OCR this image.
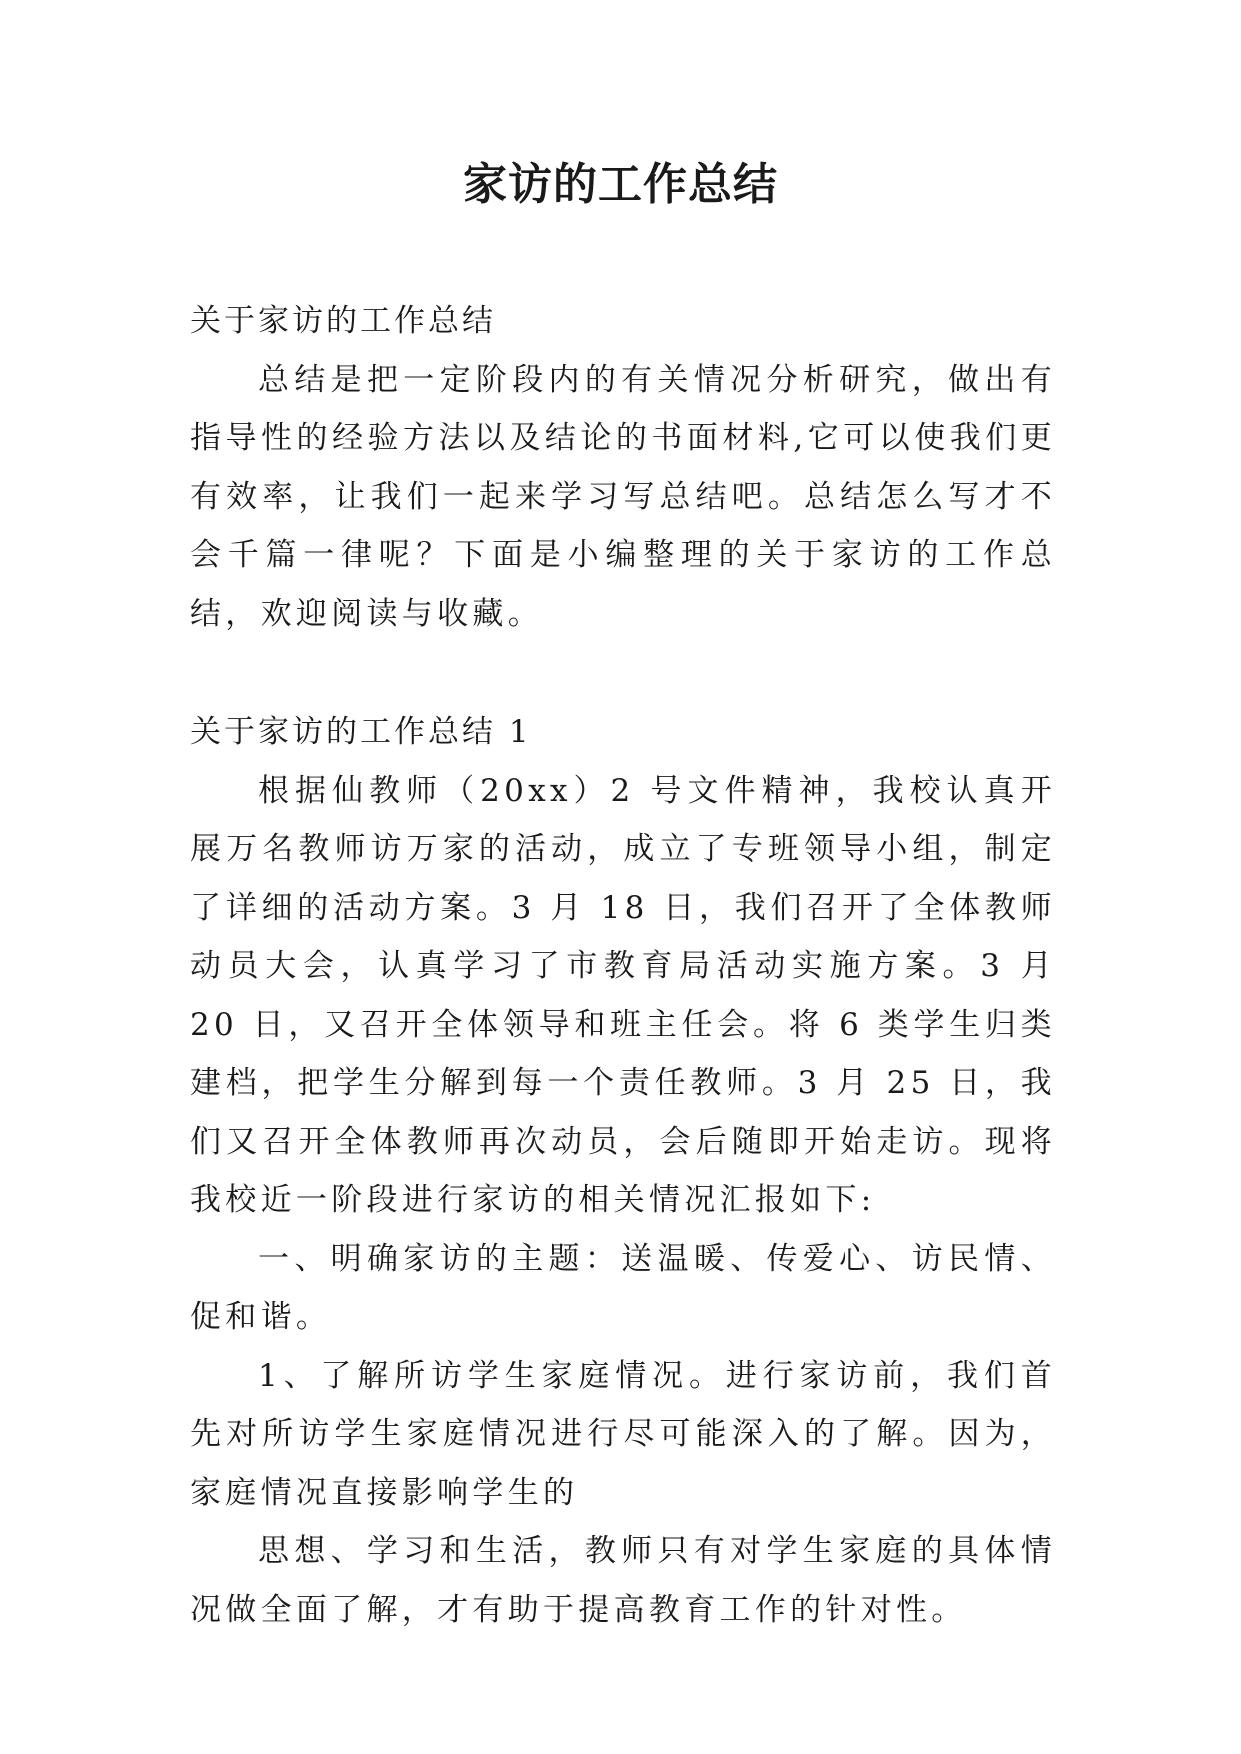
家访的工作总结

关于家访的工作总结

总结是把一定阶段内的有关情况分析研究，做出有指导性的经验方法以及结论的书面材料,它可以使我们更有效率，让我们一起来学习写总结吧。总结怎么写才不会千篇一律呢？下面是小编整理的关于家访的工作总结，欢迎阅读与收藏。

关于家访的工作总结 1

根据仙教师（20xx）2 号文件精神，我校认真开展万名教师访万家的活动，成立了专班领导小组，制定了详细的活动方案。3 月 18 日，我们召开了全体教师动员大会，认真学习了市教育局活动实施方案。3 月 20 日，又召开全体领导和班主任会。将 6 类学生归类建档，把学生分解到每一个责任教师。3 月 25 日，我们又召开全体教师再次动员，会后随即开始走访。现将我校近一阶段进行家访的相关情况汇报如下:

一、明确家访的主题：送温暖、传爱心、访民情、促和谐。

1、了解所访学生家庭情况。进行家访前，我们首先对所访学生家庭情况进行尽可能深入的了解。因为，家庭情况直接影响学生的

思想、学习和生活，教师只有对学生家庭的具体情况做全面了解，才有助于提高教育工作的针对性。
